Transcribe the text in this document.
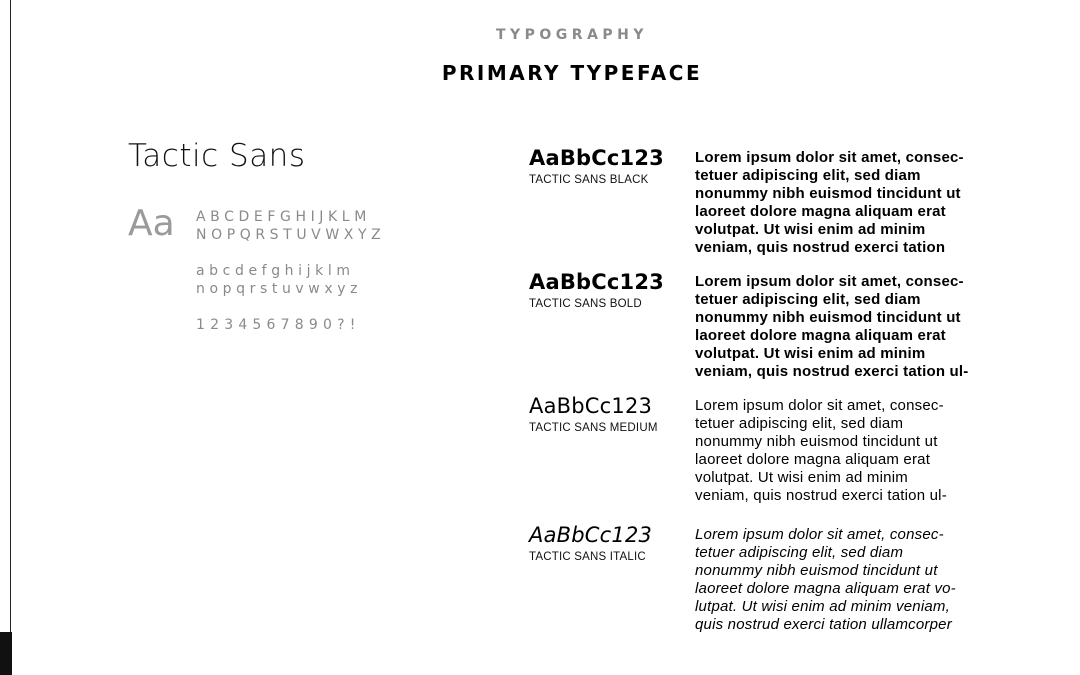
TYPOGRAPHY
PRIMARY TYPEFACE
Tactic Sans
Aa ABCDEFGHIJKLM
NOPQRSTUVWXYZ
abcdefghijklm
nopqrstuvwxyz
1234567890?!
AaBbCc123
TACTIC SANS BLACK
Lorem ipsum dolor sit amet, consec-
tetuer adipiscing elit, sed diam
nonummy nibh euismod tincidunt ut
laoreet dolore magna aliquam erat
volutpat. Ut wisi enim ad minim
veniam, quis nostrud exerci tation
AaBbCc123
TACTIC SANS BOLD
Lorem ipsum dolor sit amet, consec-
tetuer adipiscing elit, sed diam
nonummy nibh euismod tincidunt ut
laoreet dolore magna aliquam erat
volutpat. Ut wisi enim ad minim
veniam, quis nostrud exerci tation ul-
AaBbCc123
TACTIC SANS MEDIUM
Lorem ipsum dolor sit amet, consec-
tetuer adipiscing elit, sed diam
nonummy nibh euismod tincidunt ut
laoreet dolore magna aliquam erat
volutpat. Ut wisi enim ad minim
veniam, quis nostrud exerci tation ul-
AaBbCc123
TACTIC SANS ITALIC
Lorem ipsum dolor sit amet, consec-
tetuer adipiscing elit, sed diam
nonummy nibh euismod tincidunt ut
laoreet dolore magna aliquam erat vo-
lutpat. Ut wisi enim ad minim veniam,
quis nostrud exerci tation ullamcorper
